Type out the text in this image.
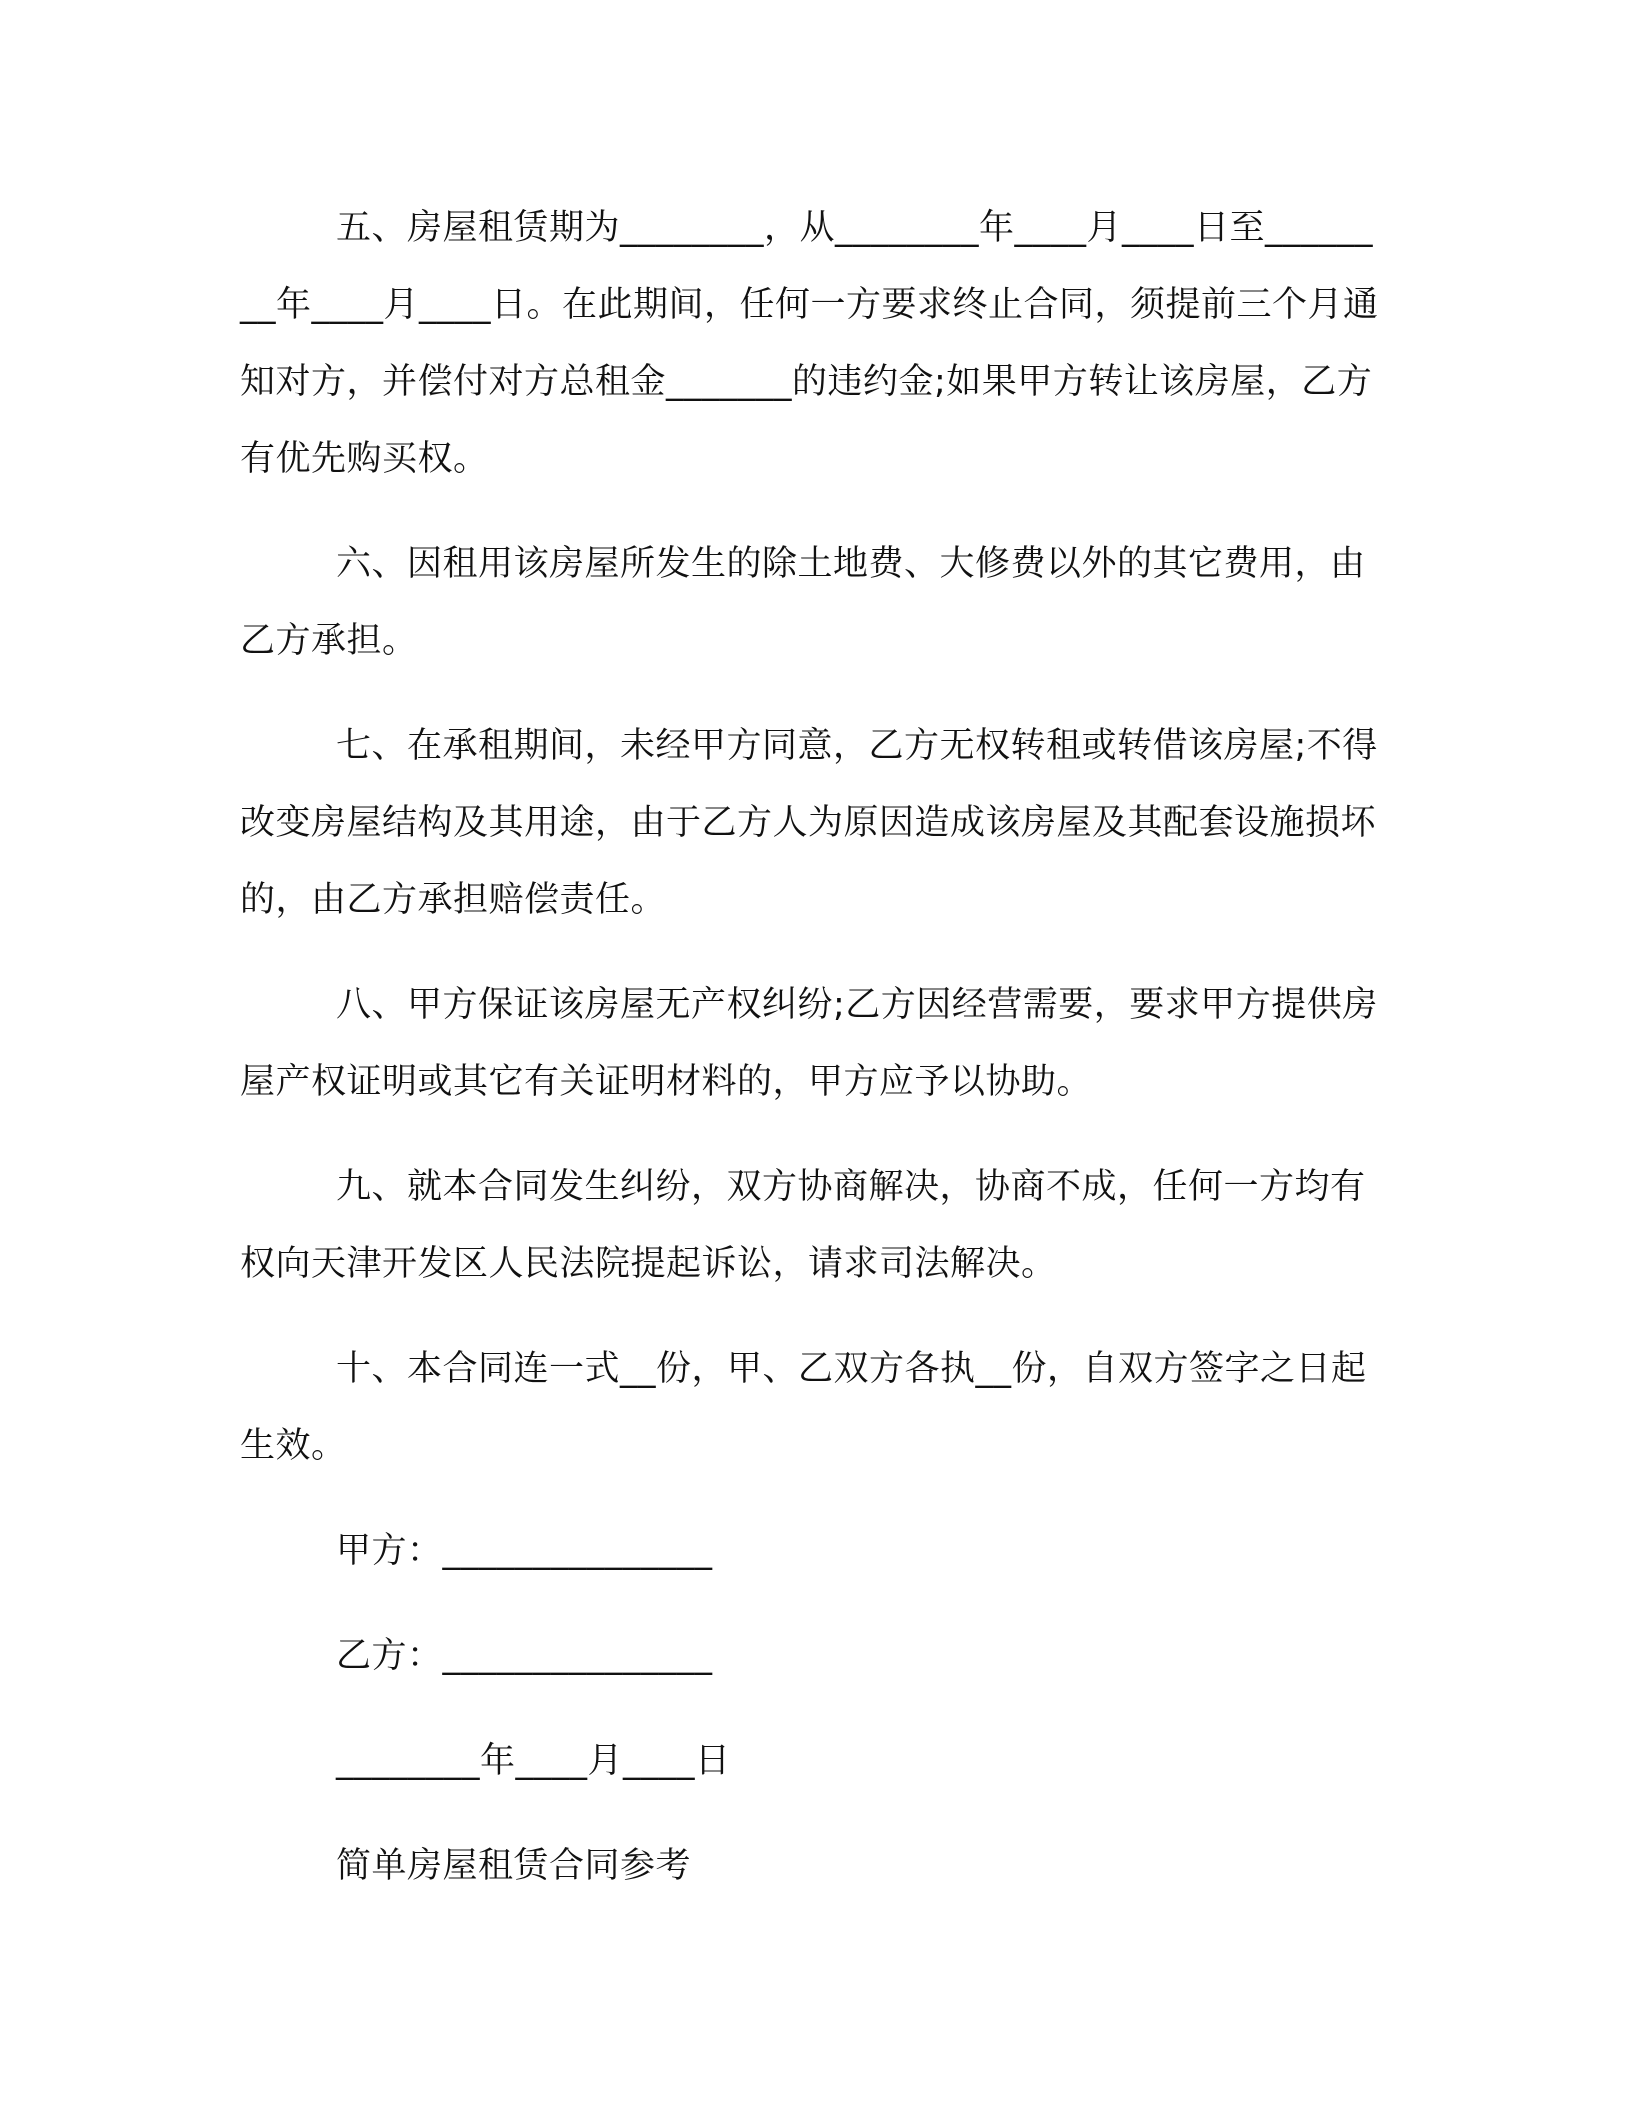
五、房屋租赁期为________，从________年____月____日至________年____月____日。在此期间，任何一方要求终止合同，须提前三个月通知对方，并偿付对方总租金_______的违约金;如果甲方转让该房屋，乙方有优先购买权。

六、因租用该房屋所发生的除土地费、大修费以外的其它费用，由乙方承担。

七、在承租期间，未经甲方同意，乙方无权转租或转借该房屋;不得改变房屋结构及其用途，由于乙方人为原因造成该房屋及其配套设施损坏的，由乙方承担赔偿责任。

八、甲方保证该房屋无产权纠纷;乙方因经营需要，要求甲方提供房屋产权证明或其它有关证明材料的，甲方应予以协助。

九、就本合同发生纠纷，双方协商解决，协商不成，任何一方均有权向天津开发区人民法院提起诉讼，请求司法解决。

十、本合同连一式__份，甲、乙双方各执__份，自双方签字之日起生效。

甲方：_______________

乙方：_______________

________年____月____日

简单房屋租赁合同参考
